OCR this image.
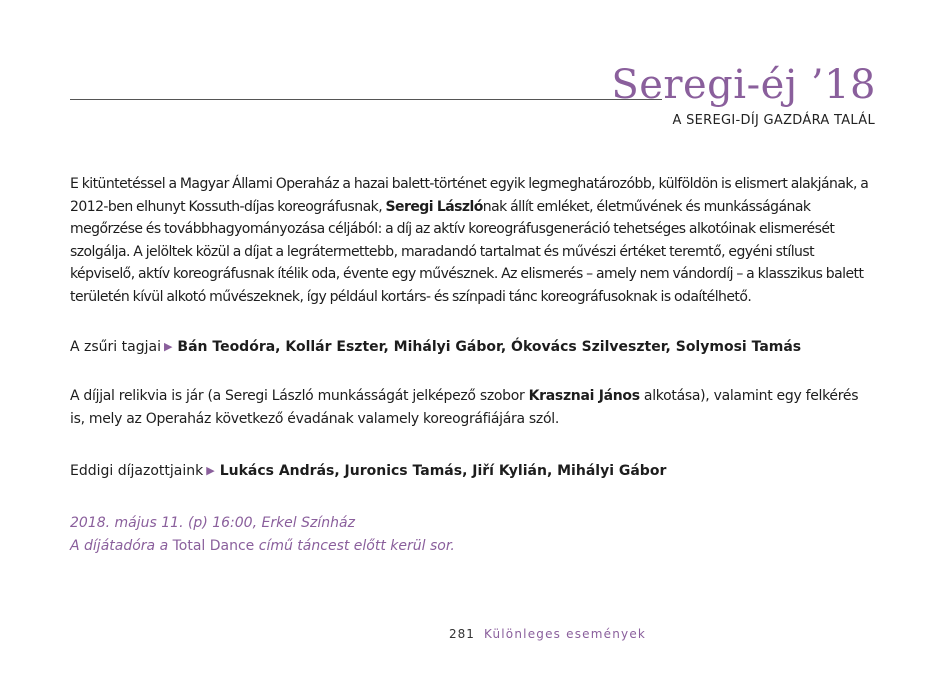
Seregi-éj ’18
A SEREGI-DÍJ GAZDÁRA TALÁL

E kitüntetéssel a Magyar Állami Operaház a hazai balett-történet egyik legmeghatározóbb, külföldön is elismert alakjának, a 2012-ben elhunyt Kossuth-díjas koreográfusnak, Seregi Lászlónak állít emléket, életművének és munkásságának megőrzése és továbbhagyományozása céljából: a díj az aktív koreográfusgeneráció tehetséges alkotóinak elismerését szolgálja. A jelöltek közül a díjat a legrátermettebb, maradandó tartalmat és művészi értéket teremtő, egyéni stílust képviselő, aktív koreográfusnak ítélik oda, évente egy művésznek. Az elismerés – amely nem vándordíj – a klasszikus balett területén kívül alkotó művészeknek, így például kortárs- és színpadi tánc koreográfusoknak is odaítélhető.

A zsűri tagjai ▶ Bán Teodóra, Kollár Eszter, Mihályi Gábor, Ókovács Szilveszter, Solymosi Tamás

A díjjal relikvia is jár (a Seregi László munkásságát jelképező szobor Krasznai János alkotása), valamint egy felkérés is, mely az Operaház következő évadának valamely koreográfiájára szól.

Eddigi díjazottjaink ▶ Lukács András, Juronics Tamás, Jiří Kylián, Mihályi Gábor

2018. május 11. (p) 16:00, Erkel Színház
A díjátadóra a Total Dance című táncest előtt kerül sor.

281 Különleges események
